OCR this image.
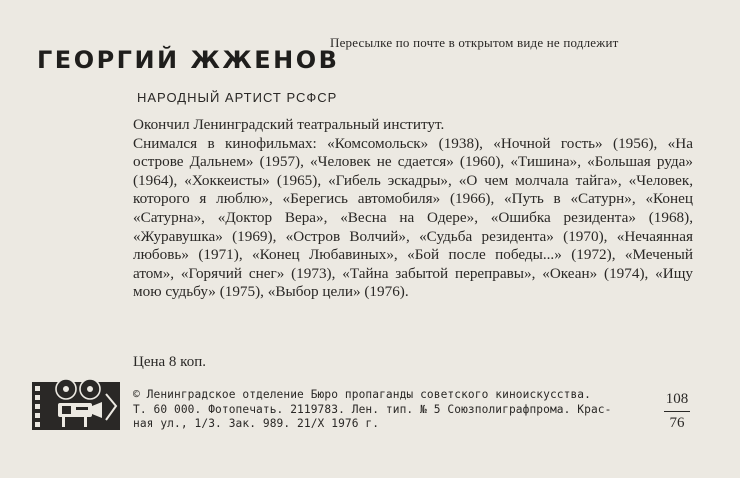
Пересылке по почте в открытом виде не подлежит
ГЕОРГИЙ ЖЖЕНОВ
НАРОДНЫЙ АРТИСТ РСФСР
Окончил Ленинградский театральный институт.
Снимался в кинофильмах: «Комсомольск» (1938), «Ночной гость» (1956), «На острове Дальнем» (1957), «Человек не сдается» (1960), «Тишина», «Большая руда» (1964), «Хоккеисты» (1965), «Гибель эскадры», «О чем молчала тайга», «Человек, которого я люблю», «Берегись автомобиля» (1966), «Путь в «Сатурн», «Конец «Сатурна», «Доктор Вера», «Весна на Одере», «Ошибка резидента» (1968), «Журавушка» (1969), «Остров Волчий», «Судьба резидента» (1970), «Нечаянная любовь» (1971), «Конец Любавиных», «Бой после победы...» (1972), «Меченый атом», «Горячий снег» (1973), «Тайна забытой переправы», «Океан» (1974), «Ищу мою судьбу» (1975), «Выбор цели» (1976).
Цена 8 коп.
© Ленинградское отделение Бюро пропаганды советского киноискусства.
Т. 60 000. Фотопечать. 2119783. Лен. тип. № 5 Союзполиграфпрома. Крас-
ная ул., 1/3. Зак. 989. 21/X 1976 г.
108
76
